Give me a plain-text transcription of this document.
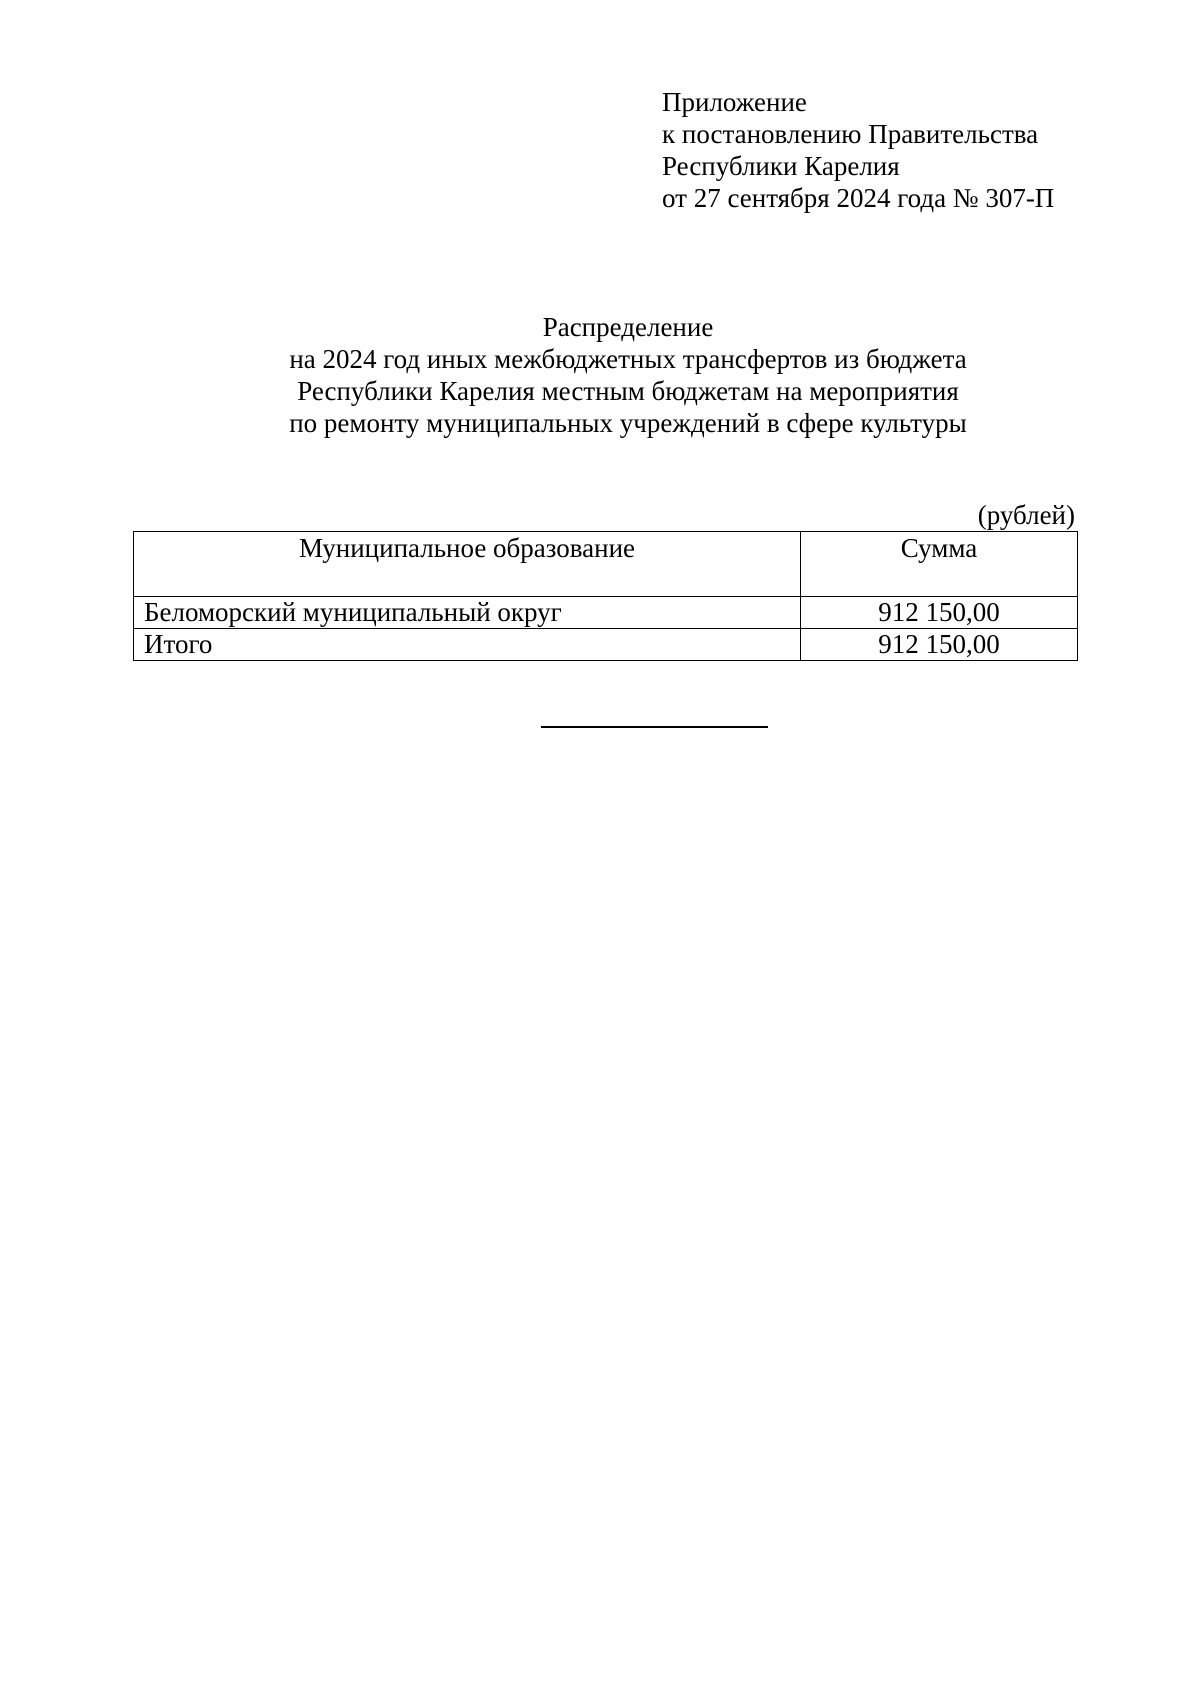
Приложение
к постановлению Правительства
Республики Карелия
от 27 сентября 2024 года № 307-П
Распределение
на 2024 год иных межбюджетных трансфертов из бюджета
Республики Карелия местным бюджетам на мероприятия
по ремонту муниципальных учреждений в сфере культуры
(рублей)
Муниципальное образование	Сумма
Беломорский муниципальный округ	912 150,00
Итого	912 150,00
